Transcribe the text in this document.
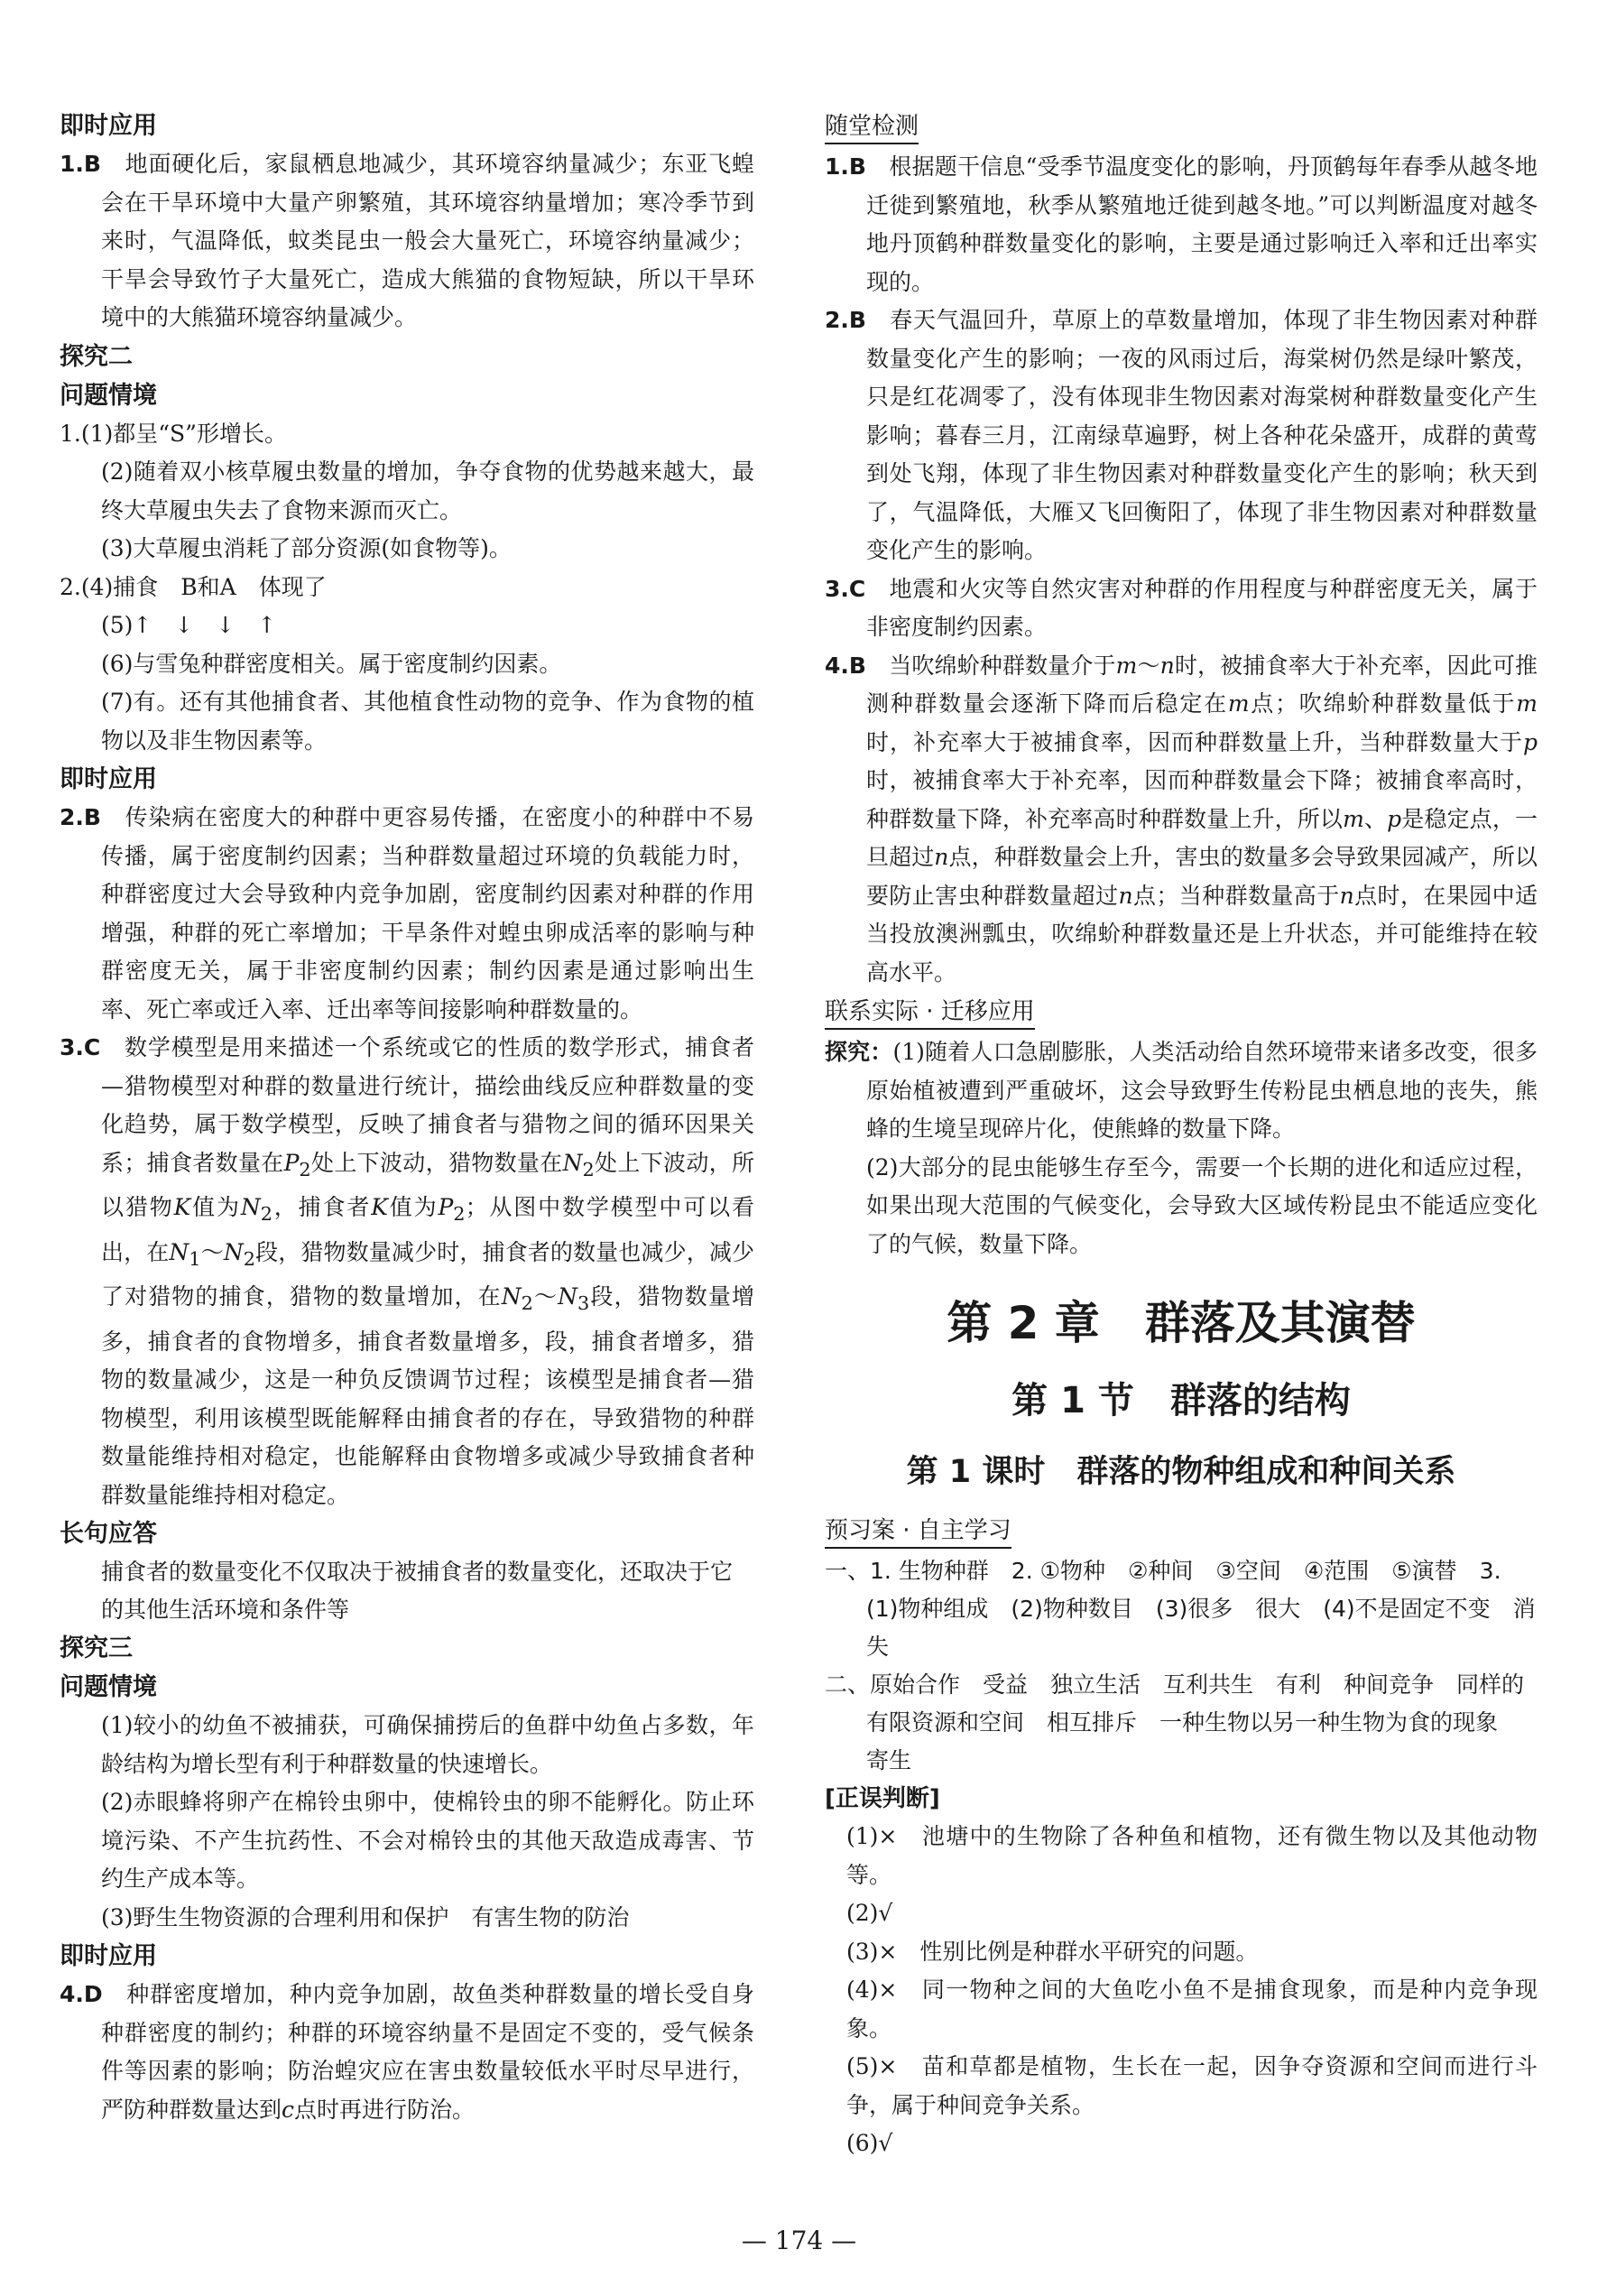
即时应用
1.B　 地面硬化后，家鼠栖息地减少，其环境容纳量减少；东亚飞蝗会在干旱环境中大量产卵繁殖，其环境容纳量增加；寒冷季节到来时，气温降低，蚊类昆虫一般会大量死亡，环境容纳量减少；干旱会导致竹子大量死亡，造成大熊猫的食物短缺，所以干旱环境中的大熊猫环境容纳量减少。
探究二
问题情境
1.(1)都呈“S”形增长。
(2)随着双小核草履虫数量的增加，争夺食物的优势越来越大，最终大草履虫失去了食物来源而灭亡。
(3)大草履虫消耗了部分资源(如食物等)。
2.(4)捕食　B和A　体现了
(5)↑　↓　↓　↑
(6)与雪兔种群密度相关。属于密度制约因素。
(7)有。还有其他捕食者、其他植食性动物的竞争、作为食物的植物以及非生物因素等。
即时应用
2.B　 传染病在密度大的种群中更容易传播，在密度小的种群中不易传播，属于密度制约因素；当种群数量超过环境的负载能力时，种群密度过大会导致种内竞争加剧，密度制约因素对种群的作用增强，种群的死亡率增加；干旱条件对蝗虫卵成活率的影响与种群密度无关，属于非密度制约因素；制约因素是通过影响出生率、死亡率或迁入率、迁出率等间接影响种群数量的。
3.C　 数学模型是用来描述一个系统或它的性质的数学形式，捕食者—猎物模型对种群的数量进行统计，描绘曲线反应种群数量的变化趋势，属于数学模型，反映了捕食者与猎物之间的循环因果关系；捕食者数量在$P_2$处上下波动，猎物数量在$N_2$处上下波动，所以猎物K值为$N_2$，捕食者K值为$P_2$；从图中数学模型中可以看出，在$N_1\sim N_2$段，猎物数量减少时，捕食者的数量也减少，减少了对猎物的捕食，猎物的数量增加，在$N_2\sim N_3$段，猎物数量增多，捕食者的食物增多，捕食者数量增多，段，捕食者增多，猎物的数量减少，这是一种负反馈调节过程；该模型是捕食者—猎物模型，利用该模型既能解释由捕食者的存在，导致猎物的种群数量能维持相对稳定，也能解释由食物增多或减少导致捕食者种群数量能维持相对稳定。
长句应答
捕食者的数量变化不仅取决于被捕食者的数量变化，还取决于它的其他生活环境和条件等
探究三
问题情境
(1)较小的幼鱼不被捕获，可确保捕捞后的鱼群中幼鱼占多数，年龄结构为增长型有利于种群数量的快速增长。
(2)赤眼蜂将卵产在棉铃虫卵中，使棉铃虫的卵不能孵化。防止环境污染、不产生抗药性、不会对棉铃虫的其他天敌造成毒害、节约生产成本等。
(3)野生生物资源的合理利用和保护　有害生物的防治
即时应用
4.D　 种群密度增加，种内竞争加剧，故鱼类种群数量的增长受自身种群密度的制约；种群的环境容纳量不是固定不变的，受气候条件等因素的影响；防治蝗灾应在害虫数量较低水平时尽早进行，严防种群数量达到c点时再进行防治。
随堂检测
1.B　 根据题干信息“受季节温度变化的影响，丹顶鹤每年春季从越冬地迁徙到繁殖地，秋季从繁殖地迁徙到越冬地。”可以判断温度对越冬地丹顶鹤种群数量变化的影响，主要是通过影响迁入率和迁出率实现的。
2.B　 春天气温回升，草原上的草数量增加，体现了非生物因素对种群数量变化产生的影响；一夜的风雨过后，海棠树仍然是绿叶繁茂，只是红花凋零了，没有体现非生物因素对海棠树种群数量变化产生影响；暮春三月，江南绿草遍野，树上各种花朵盛开，成群的黄莺到处飞翔，体现了非生物因素对种群数量变化产生的影响；秋天到了，气温降低，大雁又飞回衡阳了，体现了非生物因素对种群数量变化产生的影响。
3.C　 地震和火灾等自然灾害对种群的作用程度与种群密度无关，属于非密度制约因素。
4.B　 当吹绵蚧种群数量介于m～n时，被捕食率大于补充率，因此可推测种群数量会逐渐下降而后稳定在m点；吹绵蚧种群数量低于m时，补充率大于被捕食率，因而种群数量上升，当种群数量大于p时，被捕食率大于补充率，因而种群数量会下降；被捕食率高时，种群数量下降，补充率高时种群数量上升，所以m、p是稳定点，一旦超过n点，种群数量会上升，害虫的数量多会导致果园减产，所以要防止害虫种群数量超过n点；当种群数量高于n点时，在果园中适当投放澳洲瓢虫，吹绵蚧种群数量还是上升状态，并可能维持在较高水平。
联系实际 · 迁移应用
探究：(1)随着人口急剧膨胀，人类活动给自然环境带来诸多改变，很多原始植被遭到严重破坏，这会导致野生传粉昆虫栖息地的丧失，熊蜂的生境呈现碎片化，使熊蜂的数量下降。
(2)大部分的昆虫能够生存至今，需要一个长期的进化和适应过程，如果出现大范围的气候变化，会导致大区域传粉昆虫不能适应变化了的气候，数量下降。
第 2 章　群落及其演替
第 1 节　群落的结构
第 1 课时　群落的物种组成和种间关系
预习案 · 自主学习
一、1. 生物种群　2. ①物种　②种间　③空间　④范围　⑤演替　3. (1)物种组成　(2)物种数目　(3)很多　很大　(4)不是固定不变　消失
二、原始合作　受益　独立生活　互利共生　有利　种间竞争　同样的有限资源和空间　相互排斥　一种生物以另一种生物为食的现象　寄生
[正误判断]
(1)×　池塘中的生物除了各种鱼和植物，还有微生物以及其他动物等。
(2)√
(3)×　性别比例是种群水平研究的问题。
(4)×　同一物种之间的大鱼吃小鱼不是捕食现象，而是种内竞争现象。
(5)×　苗和草都是植物，生长在一起，因争夺资源和空间而进行斗争，属于种间竞争关系。
(6)√
— 174 —
